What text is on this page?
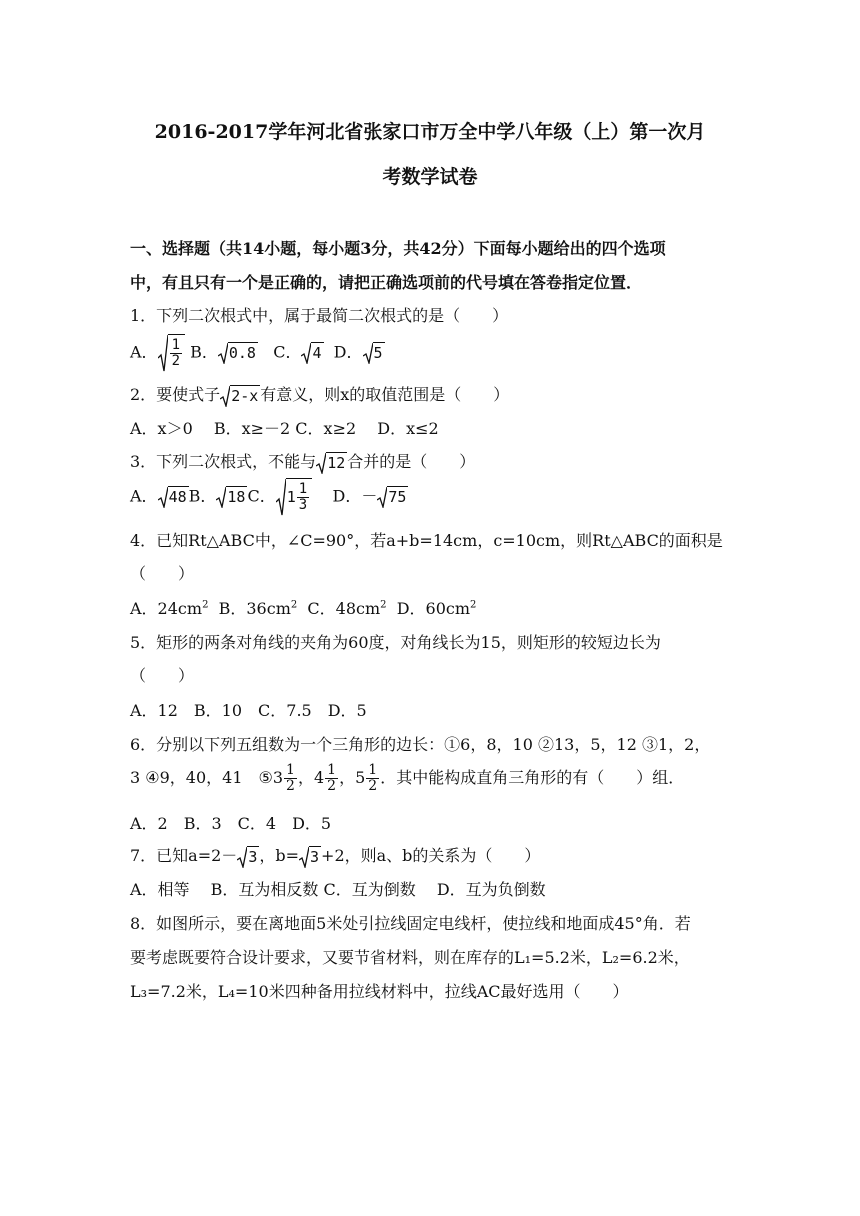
2016-2017学年河北省张家口市万全中学八年级（上）第一次月
考数学试卷
一、选择题（共14小题，每小题3分，共42分）下面每小题给出的四个选项
中，有且只有一个是正确的，请把正确选项前的代号填在答卷指定位置．
1．下列二次根式中，属于最简二次根式的是（　　）
A． $\frac{1}{2}$ B． 0.8 C． 4 D． 5
2．要使式子 2-x 有意义，则x的取值范围是（　　）
A．x＞0　 B．x≥－2 C．x≥2　 D．x≤2
3．下列二次根式，不能与 12 合并的是（　　）
A． 48 B． 18 C． $1 \frac{1}{3}$ D．－ 75
4．已知Rt△ABC中，∠C=90°，若a+b=14cm，c=10cm，则Rt△ABC的面积是
（　　）
A．$24cm^2$ B．$36cm^2$ C．$48cm^2$ D．$60cm^2$
5．矩形的两条对角线的夹角为60度，对角线长为15，则矩形的较短边长为
（　　）
A．12　B．10　C．7.5　D．5
6．分别以下列五组数为一个三角形的边长：①6，8，10 ②13，5，12 ③1，2，
3 ④9，40，41　⑤3 $\frac{1}{2}$ ，$4 \frac{1}{2}$ ，$5 \frac{1}{2}$ ．其中能构成直角三角形的有（　　）组．
A．2　B．3　C．4　D．5
7．已知a=2－ 3 ，b= 3 +2，则a、b的关系为（　　）
A．相等　 B．互为相反数 C．互为倒数　 D．互为负倒数
8．如图所示，要在离地面5米处引拉线固定电线杆，使拉线和地面成45°角．若
要考虑既要符合设计要求，又要节省材料，则在库存的L₁=5.2米，L₂=6.2米，
L₃=7.2米，L₄=10米四种备用拉线材料中，拉线AC最好选用（　　）
